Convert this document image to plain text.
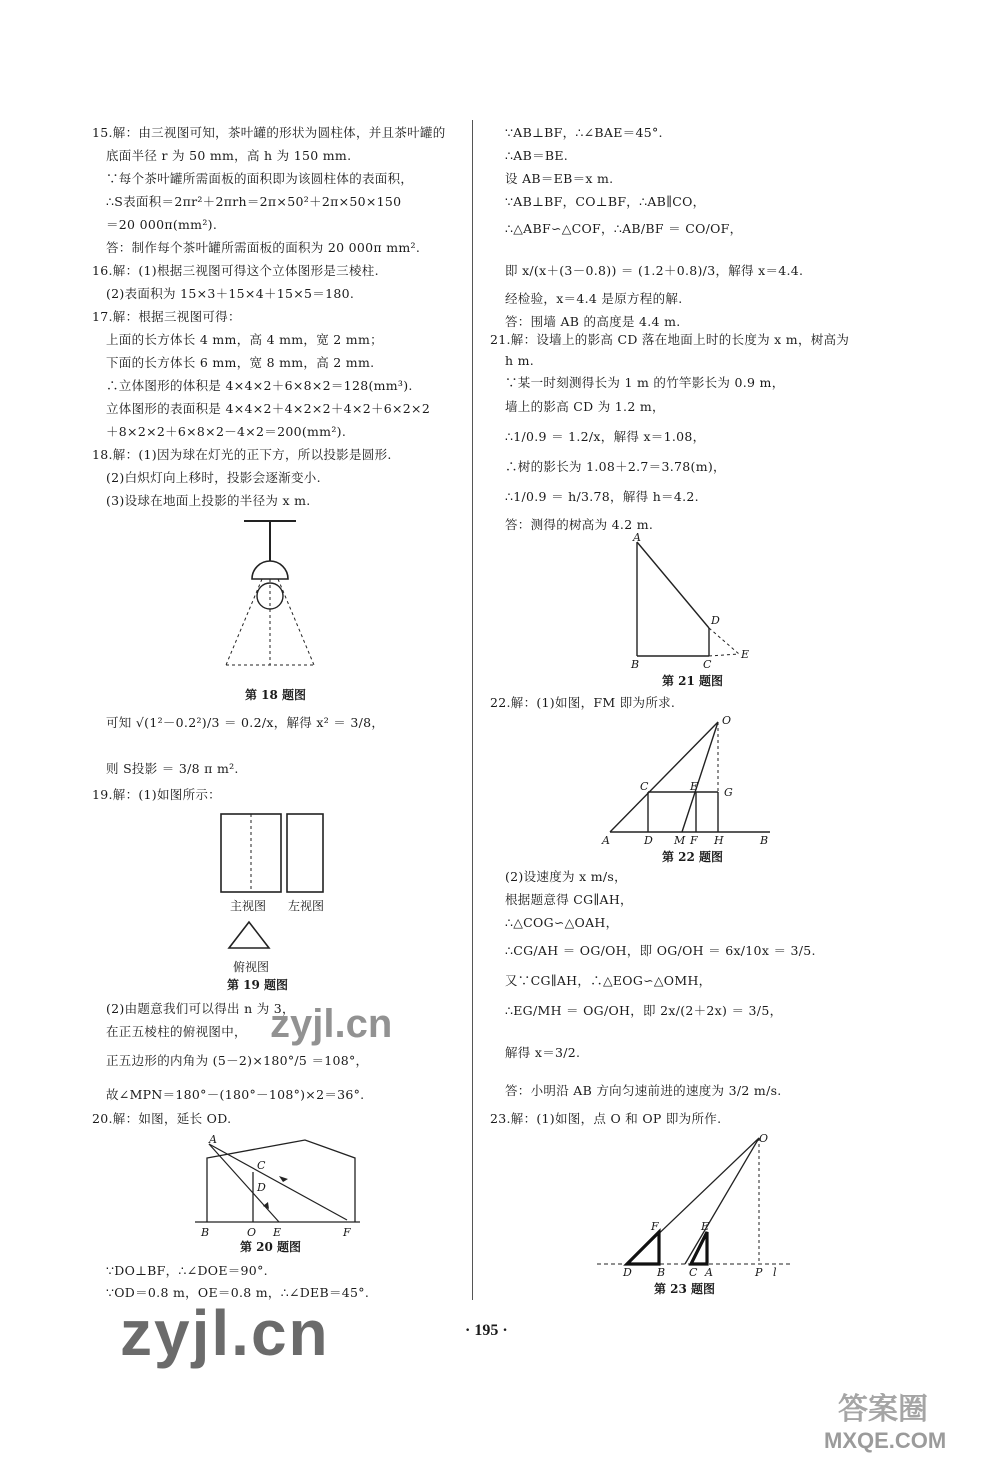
15.解：由三视图可知，茶叶罐的形状为圆柱体，并且茶叶罐的
底面半径 r 为 50 mm，高 h 为 150 mm.
∵每个茶叶罐所需面板的面积即为该圆柱体的表面积，
∴S表面积＝2πr²＋2πrh＝2π×50²＋2π×50×150
＝20 000π(mm²).
答：制作每个茶叶罐所需面板的面积为 20 000π mm².
16.解：(1)根据三视图可得这个立体图形是三棱柱.
(2)表面积为 15×3＋15×4＋15×5＝180.
17.解：根据三视图可得：
上面的长方体长 4 mm，高 4 mm，宽 2 mm；
下面的长方体长 6 mm，宽 8 mm，高 2 mm.
∴立体图形的体积是 4×4×2＋6×8×2＝128(mm³).
立体图形的表面积是 4×4×2＋4×2×2＋4×2＋6×2×2
＋8×2×2＋6×8×2－4×2＝200(mm²).
18.解：(1)因为球在灯光的正下方，所以投影是圆形.
(2)白炽灯向上移时，投影会逐渐变小.
(3)设球在地面上投影的半径为 x m.
第 18 题图
可知 √(1²－0.2²)/3 ＝ 0.2/x，解得 x² ＝ 3/8，
则 S投影 ＝ 3/8 π m².
19.解：(1)如图所示：
主视图 左视图
俯视图
第 19 题图
(2)由题意我们可以得出 n 为 3，
在正五棱柱的俯视图中，
正五边形的内角为 (5－2)×180°/5 ＝108°，
故∠MPN＝180°－(180°－108°)×2＝36°.
20.解：如图，延长 OD.
A
C
D
B	O E	F
第 20 题图
∵DO⊥BF，∴∠DOE＝90°.
∵OD＝0.8 m，OE＝0.8 m，∴∠DEB＝45°.
∵AB⊥BF，∴∠BAE＝45°.
∴AB＝BE.
设 AB＝EB＝x m.
∵AB⊥BF，CO⊥BF，∴AB∥CO，
∴△ABF∽△COF，∴AB/BF ＝ CO/OF，
即 x/(x＋(3－0.8)) ＝ (1.2＋0.8)/3，解得 x＝4.4.
经检验，x＝4.4 是原方程的解.
答：围墙 AB 的高度是 4.4 m.
21.解：设墙上的影高 CD 落在地面上时的长度为 x m，树高为
h m.
∵某一时刻测得长为 1 m 的竹竿影长为 0.9 m，
墙上的影高 CD 为 1.2 m，
∴1/0.9 ＝ 1.2/x，解得 x＝1.08，
∴树的影长为 1.08＋2.7＝3.78(m)，
∴1/0.9 ＝ h/3.78，解得 h＝4.2.
答：测得的树高为 4.2 m.
A
D
B	C
E
第 21 题图
22.解：(1)如图，FM 即为所求.
O
C	E G
A	D M F H	B
第 22 题图
(2)设速度为 x m/s，
根据题意得 CG∥AH，
∴△COG∽△OAH，
∴CG/AH ＝ OG/OH，即 OG/OH ＝ 6x/10x ＝ 3/5.
又∵CG∥AH，∴△EOG∽△OMH，
∴EG/MH ＝ OG/OH，即 2x/(2＋2x) ＝ 3/5，
解得 x＝3/2.
答：小明沿 AB 方向匀速前进的速度为 3/2 m/s.
23.解：(1)如图，点 O 和 OP 即为所作.
O
F	E
D B C A	P l
第 23 题图
· 195 ·
zyjl.cn
zyjl.cn
答案圈
MXQE.COM
